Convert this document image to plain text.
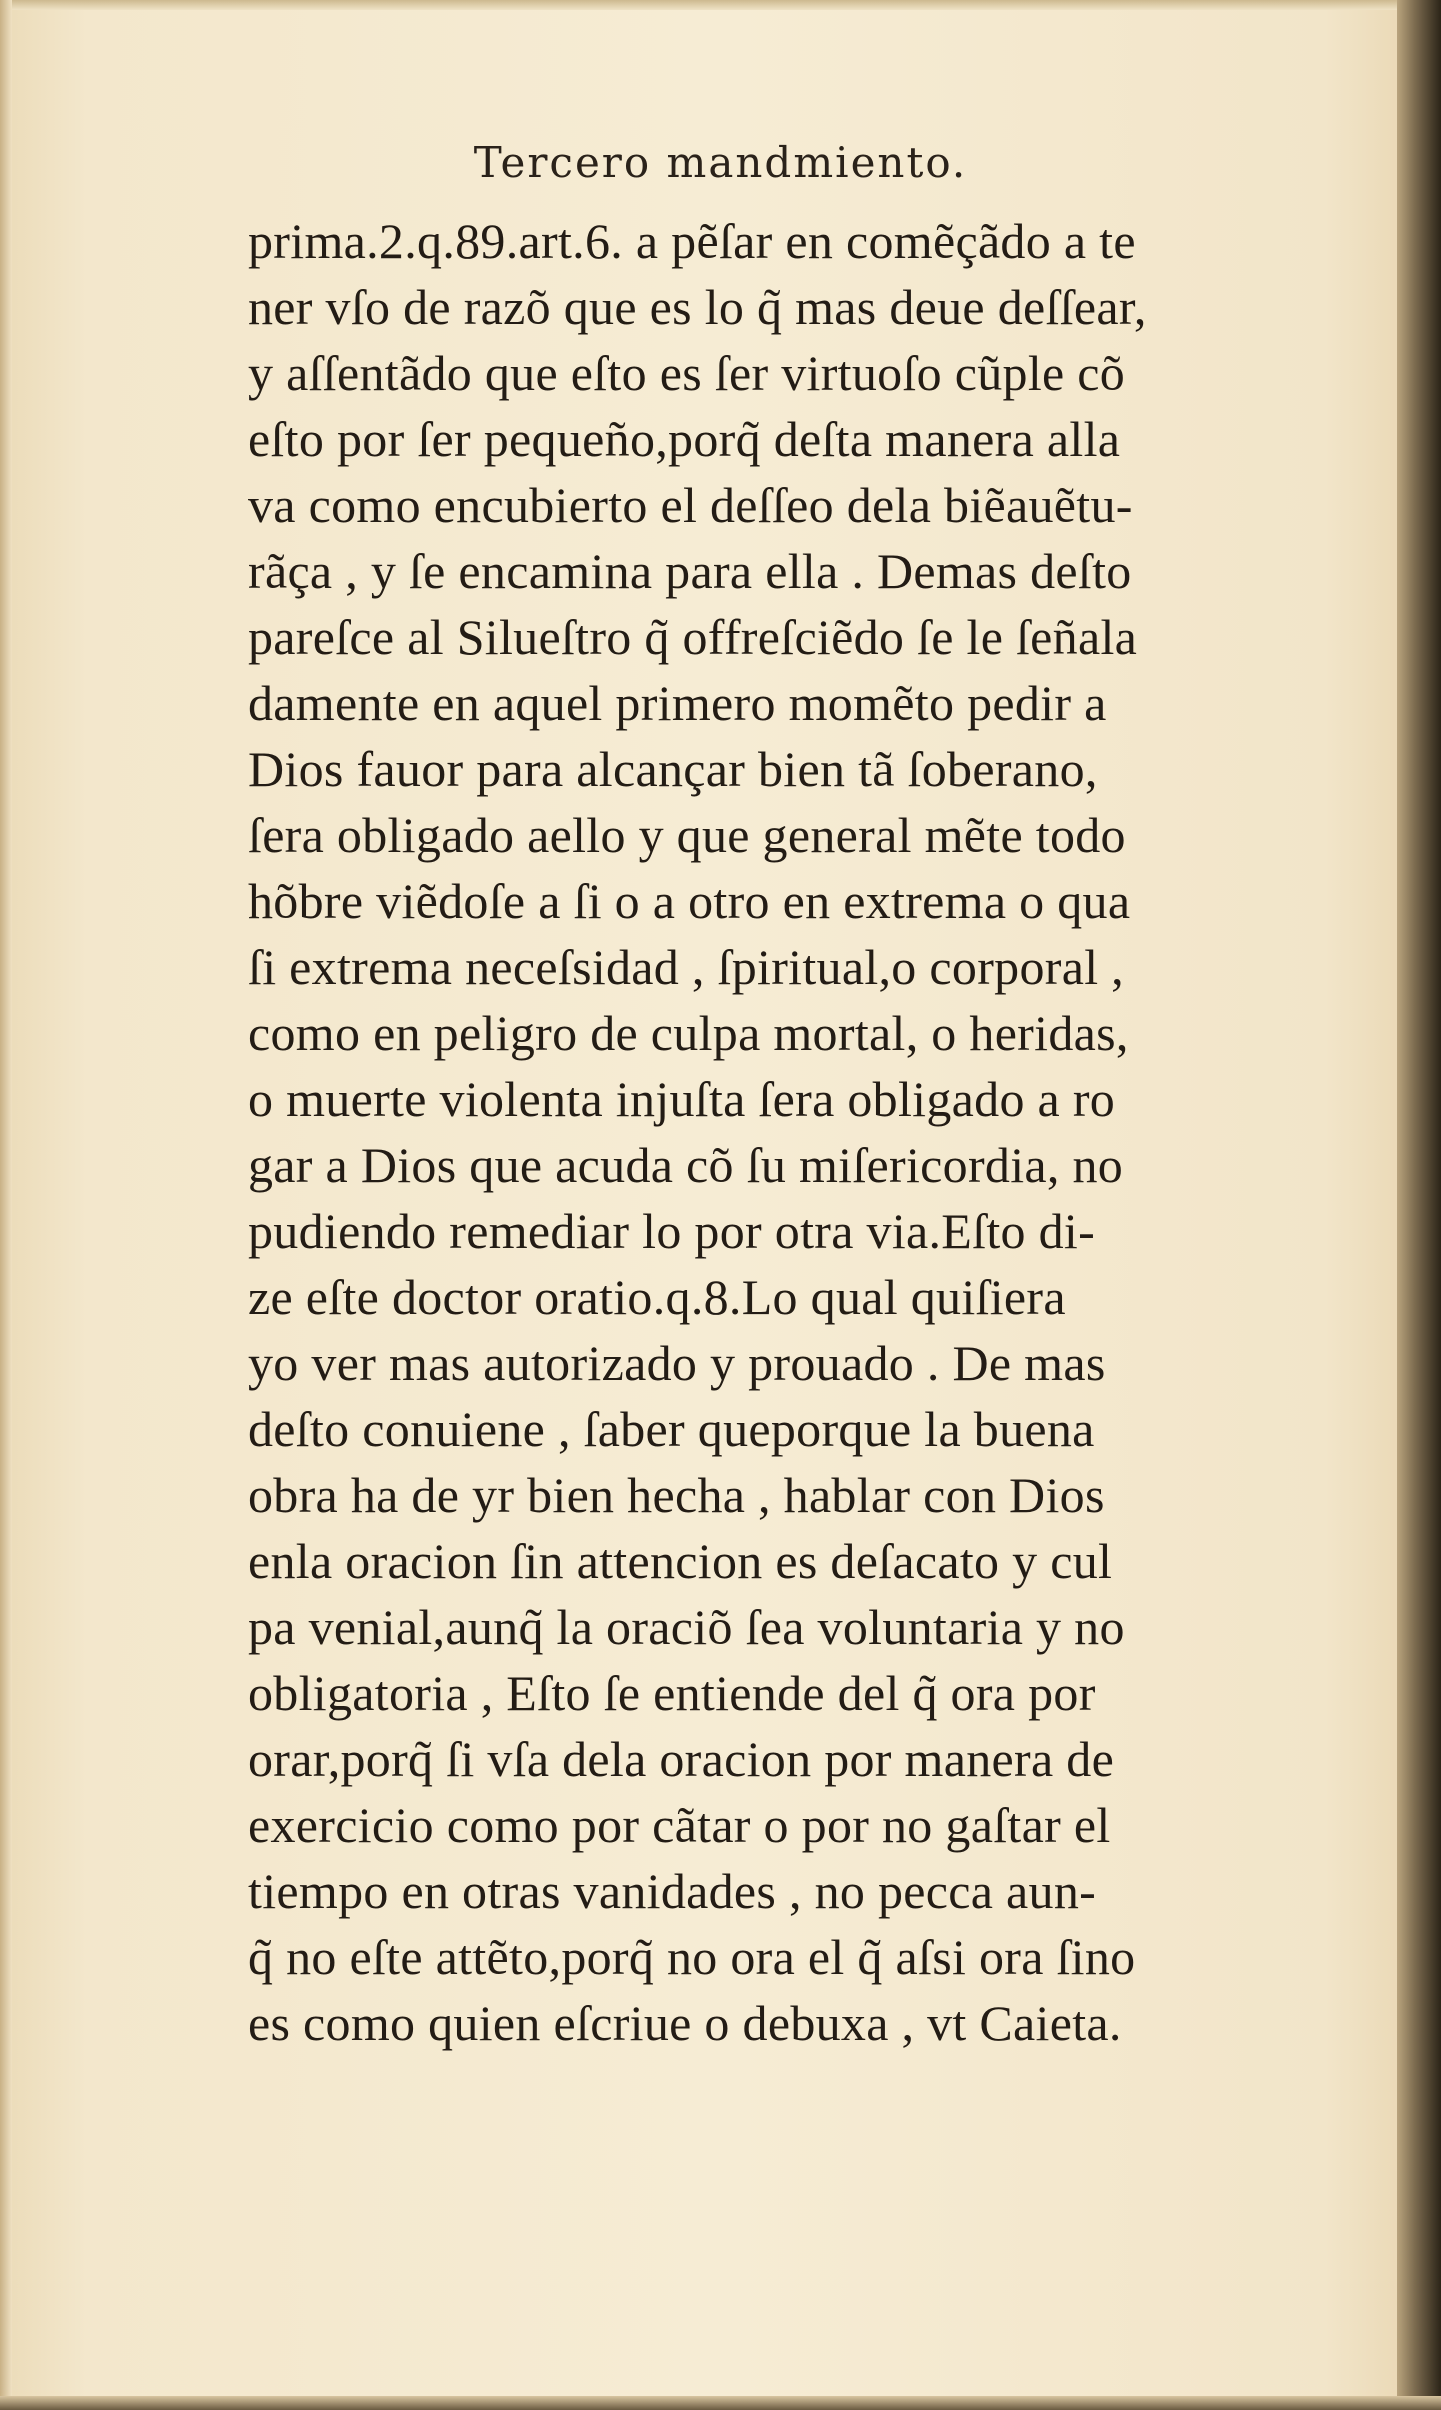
Tercero mandmiento.
prima.2.q.89.art.6. a pẽſar en comẽçãdo a te
ner vſo de razõ que es lo q̃ mas deue deſſear,
y aſſentãdo que eſto es ſer virtuoſo cũple cõ
eſto por ſer pequeño,porq̃ deſta manera alla
va como encubierto el deſſeo dela biẽauẽtu-
rãça , y ſe encamina para ella . Demas deſto
pareſce al Silueſtro q̃ offreſciẽdo ſe le ſeñala
damente en aquel primero momẽto pedir a
Dios fauor para alcançar bien tã ſoberano,
ſera obligado aello y que general mẽte todo
hõbre viẽdoſe a ſi o a otro en extrema o qua
ſi extrema neceſsidad , ſpiritual,o corporal ,
como en peligro de culpa mortal, o heridas,
o muerte violenta injuſta ſera obligado a ro
gar a Dios que acuda cõ ſu miſericordia, no
pudiendo remediar lo por otra via.Eſto di-
ze eſte doctor oratio.q.8.Lo qual quiſiera
yo ver mas autorizado y prouado . De mas
deſto conuiene , ſaber queporque la buena
obra ha de yr bien hecha , hablar con Dios
enla oracion ſin attencion es deſacato y cul
pa venial,aunq̃ la oraciõ ſea voluntaria y no
obligatoria , Eſto ſe entiende del q̃ ora por
orar,porq̃ ſi vſa dela oracion por manera de
exercicio como por cãtar o por no gaſtar el
tiempo en otras vanidades , no pecca aun-
q̃ no eſte attẽto,porq̃ no ora el q̃ aſsi ora ſino
es como quien eſcriue o debuxa , vt Caieta.
